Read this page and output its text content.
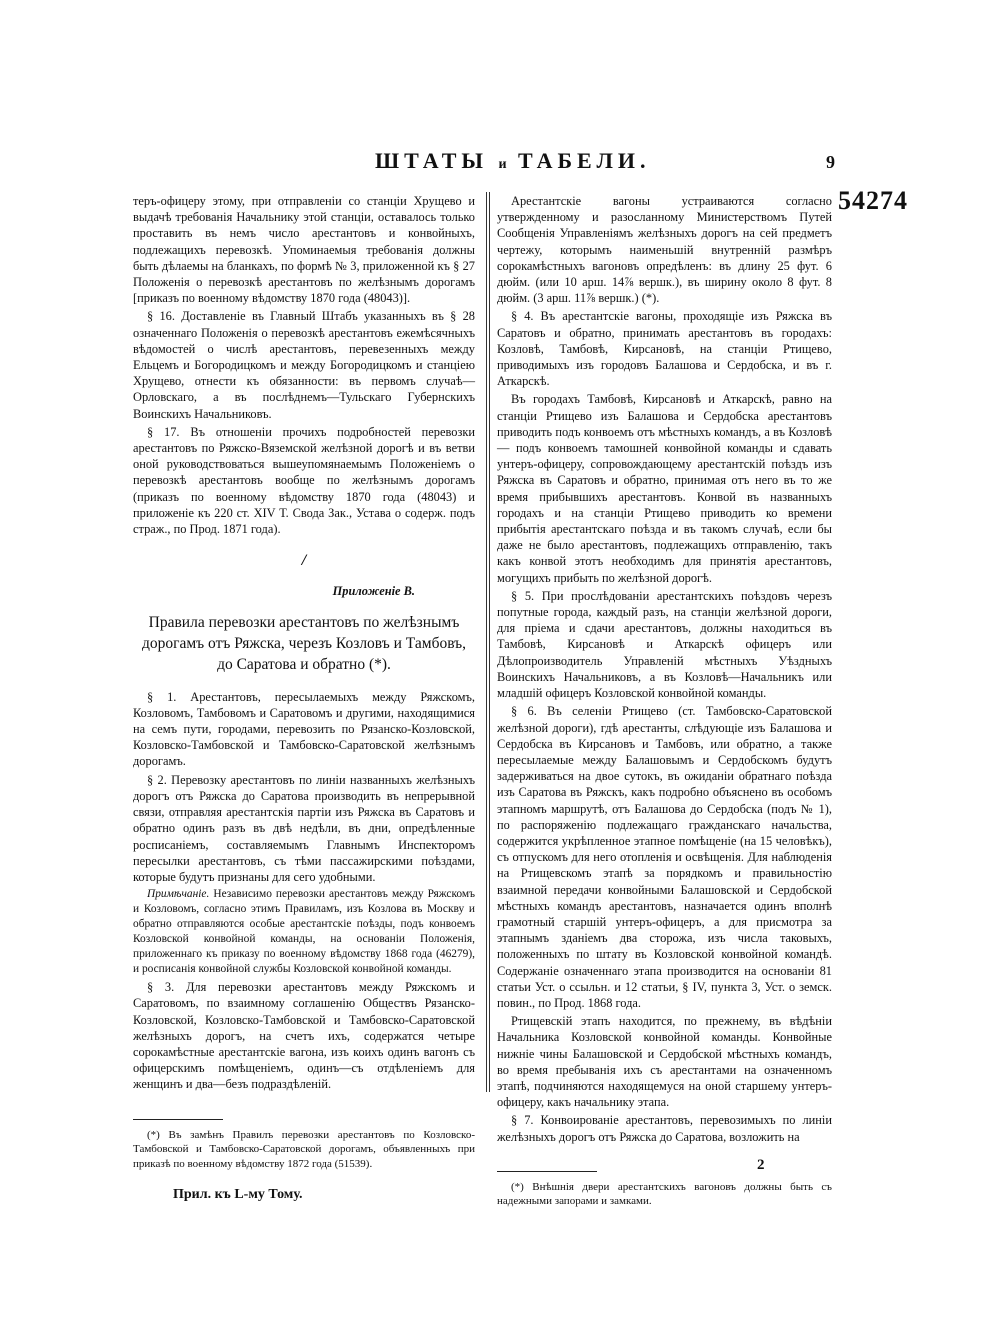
ШТАТЫ и ТАБЕЛИ.	9
54274

теръ-офицеру этому, при отправленіи со станціи Хрущево и выдачѣ требованія Начальнику этой станціи, оставалось только проставить въ немъ число арестантовъ и конвойныхъ, подлежащихъ перевозкѣ. Упоминаемыя требованія должны быть дѣлаемы на бланкахъ, по формѣ № 3, приложенной къ § 27 Положенія о перевозкѣ арестантовъ по желѣзнымъ дорогамъ [приказъ по военному вѣдомству 1870 года (48043)].

§ 16. Доставленіе въ Главный Штабъ указанныхъ въ § 28 означеннаго Положенія о перевозкѣ арестантовъ ежемѣсячныхъ вѣдомостей о числѣ арестантовъ, перевезенныхъ между Ельцемъ и Богородицкомъ и между Богородицкомъ и станціею Хрущево, отнести къ обязанности: въ первомъ случаѣ— Орловскаго, а въ послѣднемъ—Тульскаго Губернскихъ Воинскихъ Начальниковъ.

§ 17. Въ отношеніи прочихъ подробностей перевозки арестантовъ по Ряжско-Вяземской желѣзной дорогѣ и въ ветви оной руководствоваться вышеупомянаемымъ Положеніемъ о перевозкѣ арестантовъ вообще по желѣзнымъ дорогамъ (приказъ по военному вѣдомству 1870 года (48043) и приложеніе къ 220 ст. XIV Т. Свода Зак., Устава о содерж. подъ страж., по Прод. 1871 года).

/

Приложеніе В.

Правила перевозки арестантовъ по желѣзнымъ дорогамъ отъ Ряжска, черезъ Козловъ и Тамбовъ, до Саратова и обратно (*).

§ 1. Арестантовъ, пересылаемыхъ между Ряжскомъ, Козловомъ, Тамбовомъ и Саратовомъ и другими, находящимися на семъ пути, городами, перевозить по Рязанско-Козловской, Козловско-Тамбовской и Тамбовско-Саратовской желѣзнымъ дорогамъ.

§ 2. Перевозку арестантовъ по линіи названныхъ желѣзныхъ дорогъ отъ Ряжска до Саратова производить въ непрерывной связи, отправляя арестантскія партіи изъ Ряжска въ Саратовъ и обратно одинъ разъ въ двѣ недѣли, въ дни, опредѣленные росписаніемъ, составляемымъ Главнымъ Инспекторомъ пересылки арестантовъ, съ тѣми пассажирскими поѣздами, которые будутъ признаны для сего удобными.

Примѣчаніе. Независимо перевозки арестантовъ между Ряжскомъ и Козловомъ, согласно этимъ Правиламъ, изъ Козлова въ Москву и обратно отправляются особые арестантскіе поѣзды, подъ конвоемъ Козловской конвойной команды, на основаніи Положенія, приложеннаго къ приказу по военному вѣдомству 1868 года (46279), и росписанія конвойной службы Козловской конвойной команды.

§ 3. Для перевозки арестантовъ между Ряжскомъ и Саратовомъ, по взаимному соглашенію Обществъ Рязанско-Козловской, Козловско-Тамбовской и Тамбовско-Саратовской желѣзныхъ дорогъ, на счетъ ихъ, содержатся четыре сорокамѣстные арестантскіе вагона, изъ коихъ одинъ вагонъ съ офицерскимъ помѣщеніемъ, одинъ—съ отдѣленіемъ для женщинъ и два—безъ подраздѣленій.

(*) Въ замѣнъ Правилъ перевозки арестантовъ по Козловско-Тамбовской и Тамбовско-Саратовской дорогамъ, объявленныхъ при приказѣ по военному вѣдомству 1872 года (51539).

Прил. къ L-му Тому.

Арестантскіе вагоны устраиваются согласно утвержденному и разосланному Министерствомъ Путей Сообщенія Управленіямъ желѣзныхъ дорогъ на сей предметъ чертежу, которымъ наименьшій внутренній размѣръ сорокамѣстныхъ вагоновъ опредѣленъ: въ длину 25 фут. 6 дюйм. (или 10 арш. 14⅞ вершк.), въ ширину около 8 фут. 8 дюйм. (3 арш. 11⅞ вершк.) (*).

§ 4. Въ арестантскіе вагоны, проходящіе изъ Ряжска въ Саратовъ и обратно, принимать арестантовъ въ городахъ: Козловѣ, Тамбовѣ, Кирсановѣ, на станціи Ртищево, приводимыхъ изъ городовъ Балашова и Сердобска, и въ г. Аткарскѣ.

Въ городахъ Тамбовѣ, Кирсановѣ и Аткарскѣ, равно на станціи Ртищево изъ Балашова и Сердобска арестантовъ приводить подъ конвоемъ отъ мѣстныхъ командъ, а въ Козловѣ— подъ конвоемъ тамошней конвойной команды и сдавать унтеръ-офицеру, сопровождающему арестантскій поѣздъ изъ Ряжска въ Саратовъ и обратно, принимая отъ него въ то же время прибывшихъ арестантовъ. Конвой въ названныхъ городахъ и на станціи Ртищево приводить ко времени прибытія арестантскаго поѣзда и въ такомъ случаѣ, если бы даже не было арестантовъ, подлежащихъ отправленію, такъ какъ конвой этотъ необходимъ для принятія арестантовъ, могущихъ прибыть по желѣзной дорогѣ.

§ 5. При прослѣдованіи арестантскихъ поѣздовъ черезъ попутные города, каждый разъ, на станціи желѣзной дороги, для пріема и сдачи арестантовъ, должны находиться въ Тамбовѣ, Кирсановѣ и Аткарскѣ офицеръ или Дѣлопроизводитель Управленій мѣстныхъ Уѣздныхъ Воинскихъ Начальниковъ, а въ Козловѣ—Начальникъ или младшій офицеръ Козловской конвойной команды.

§ 6. Въ селеніи Ртищево (ст. Тамбовско-Саратовской желѣзной дороги), гдѣ арестанты, слѣдующіе изъ Балашова и Сердобска въ Кирсановъ и Тамбовъ, или обратно, а также пересылаемые между Балашовымъ и Сердобскомъ будутъ задерживаться на двое сутокъ, въ ожиданіи обратнаго поѣзда изъ Саратова въ Ряжскъ, какъ подробно объяснено въ особомъ этапномъ маршрутѣ, отъ Балашова до Сердобска (подъ № 1), по распоряженію подлежащаго гражданскаго начальства, содержится укрѣпленное этапное помѣщеніе (на 15 человѣкъ), съ отпускомъ для него отопленія и освѣщенія. Для наблюденія на Ртищевскомъ этапѣ за порядкомъ и правильностію взаимной передачи конвойными Балашовской и Сердобской мѣстныхъ командъ арестантовъ, назначается одинъ вполнѣ грамотный старшій унтеръ-офицеръ, а для присмотра за этапнымъ зданіемъ два сторожа, изъ числа таковыхъ, положенныхъ по штату въ Козловской конвойной командѣ. Содержаніе означеннаго этапа производится на основаніи 81 статьи Уст. о ссыльн. и 12 статьи, § IV, пункта 3, Уст. о земск. повин., по Прод. 1868 года.

Ртищевскій этапъ находится, по прежнему, въ вѣдѣніи Начальника Козловской конвойной команды. Конвойные нижніе чины Балашовской и Сердобской мѣстныхъ командъ, во время пребыванія ихъ съ арестантами на означенномъ этапѣ, подчиняются находящемуся на оной старшему унтеръ-офицеру, какъ начальнику этапа.

§ 7. Конвоированіе арестантовъ, перевозимыхъ по линіи желѣзныхъ дорогъ отъ Ряжска до Саратова, возложить на

(*) Внѣшнія двери арестантскихъ вагоновъ должны быть съ надежными запорами и замками.

2
